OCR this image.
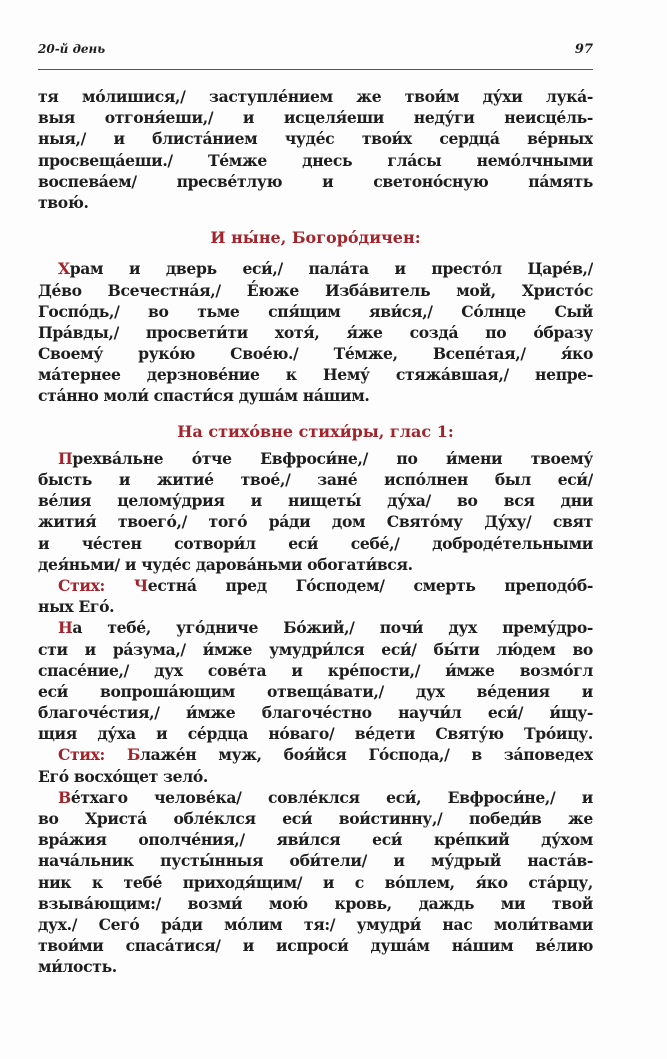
20-й день	97
тя мо́лишися,/ заступле́нием же твои́м ду́хи лука́-
выя отгоня́еши,/ и исцеля́еши неду́ги неисце́ль-
ныя,/ и блиста́нием чуде́с твои́х сердца́ ве́рных
просвеща́еши./ Те́мже днесь гла́сы немо́лчными
воспева́ем/ пресве́тлую и светоно́сную па́мять
твою́.
И ны́не, Богоро́дичен:
Храм и дверь еси́,/ пала́та и престо́л Царе́в,/
Де́во Всечестна́я,/ Е́юже Изба́витель мой, Христо́с
Госпо́дь,/ во тьме спя́щим яви́ся,/ Со́лнце Сый
Пра́вды,/ просвети́ти хотя́, я́же созда́ по о́бразу
Своему́ руко́ю Свое́ю./ Те́мже, Всепе́тая,/ я́ко
ма́тернее дерзнове́ние к Нему́ стяжа́вшая,/ непре-
ста́нно моли́ спасти́ся душа́м на́шим.
На стихо́вне стихи́ры, глас 1:
Прехва́льне о́тче Евфроси́не,/ по и́мени твоему́
бысть и житие́ твое́,/ зане́ испо́лнен был еси́/
ве́лия целому́дрия и нищеты́ ду́ха/ во вся дни
жития́ твоего́,/ того́ ра́ди дом Свято́му Ду́ху/ свят
и че́стен сотвори́л еси́ себе́,/ доброде́тельными
дея́ньми/ и чуде́с дарова́ньми обогати́вся.
Стих: Честна́ пред Го́сподем/ смерть преподо́б-
ных Его́.
На тебе́, уго́дниче Бо́жий,/ почи́ дух прему́дро-
сти и ра́зума,/ и́мже умудри́лся еси́/ бы́ти лю́дем во
спасе́ние,/ дух сове́та и кре́пости,/ и́мже возмо́гл
еси́ вопроша́ющим отвеща́вати,/ дух ве́дения и
благоче́стия,/ и́мже благоче́стно научи́л еси́/ и́щу-
щия ду́ха и се́рдца но́ваго/ ве́дети Святу́ю Тро́ицу.
Стих: Блаже́н муж, боя́йся Го́спода,/ в за́поведех
Его́ восхо́щет зело́.
Ве́тхаго челове́ка/ совле́клся еси́, Евфроси́не,/ и
во Христа́ обле́клся еси́ вои́стинну,/ победи́в же
вра́жия ополче́ния,/ яви́лся еси́ кре́пкий ду́хом
нача́льник пусты́нныя оби́тели/ и му́дрый наста́в-
ник к тебе́ приходя́щим/ и с во́плем, я́ко ста́рцу,
взыва́ющим:/ возми́ мою́ кровь, даждь ми твой
дух./ Сего́ ра́ди мо́лим тя:/ умудри́ нас моли́твами
твои́ми спаса́тися/ и испроси́ душа́м на́шим ве́лию
ми́лость.
